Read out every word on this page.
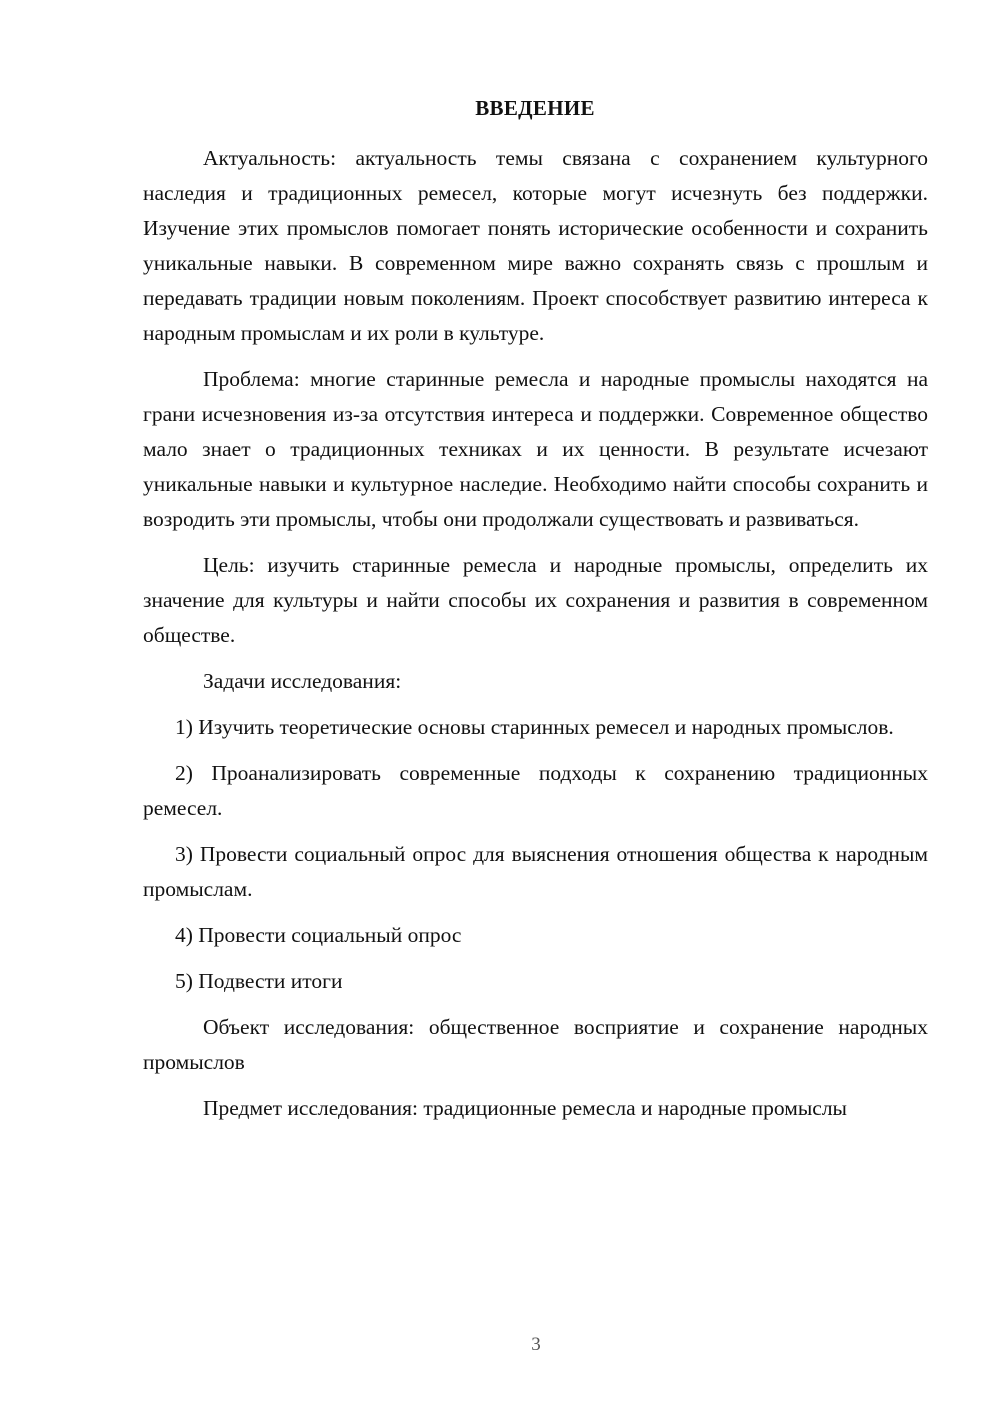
ВВЕДЕНИЕ

Актуальность: актуальность темы связана с сохранением культурного наследия и традиционных ремесел, которые могут исчезнуть без поддержки. Изучение этих промыслов помогает понять исторические особенности и сохранить уникальные навыки. В современном мире важно сохранять связь с прошлым и передавать традиции новым поколениям. Проект способствует развитию интереса к народным промыслам и их роли в культуре.

Проблема: многие старинные ремесла и народные промыслы находятся на грани исчезновения из-за отсутствия интереса и поддержки. Современное общество мало знает о традиционных техниках и их ценности. В результате исчезают уникальные навыки и культурное наследие. Необходимо найти способы сохранить и возродить эти промыслы, чтобы они продолжали существовать и развиваться.

Цель: изучить старинные ремесла и народные промыслы, определить их значение для культуры и найти способы их сохранения и развития в современном обществе.

Задачи исследования:

1) Изучить теоретические основы старинных ремесел и народных промыслов.

2) Проанализировать современные подходы к сохранению традиционных ремесел.

3) Провести социальный опрос для выяснения отношения общества к народным промыслам.

4) Провести социальный опрос

5) Подвести итоги

Объект исследования: общественное восприятие и сохранение народных промыслов

Предмет исследования: традиционные ремесла и народные промыслы

3
